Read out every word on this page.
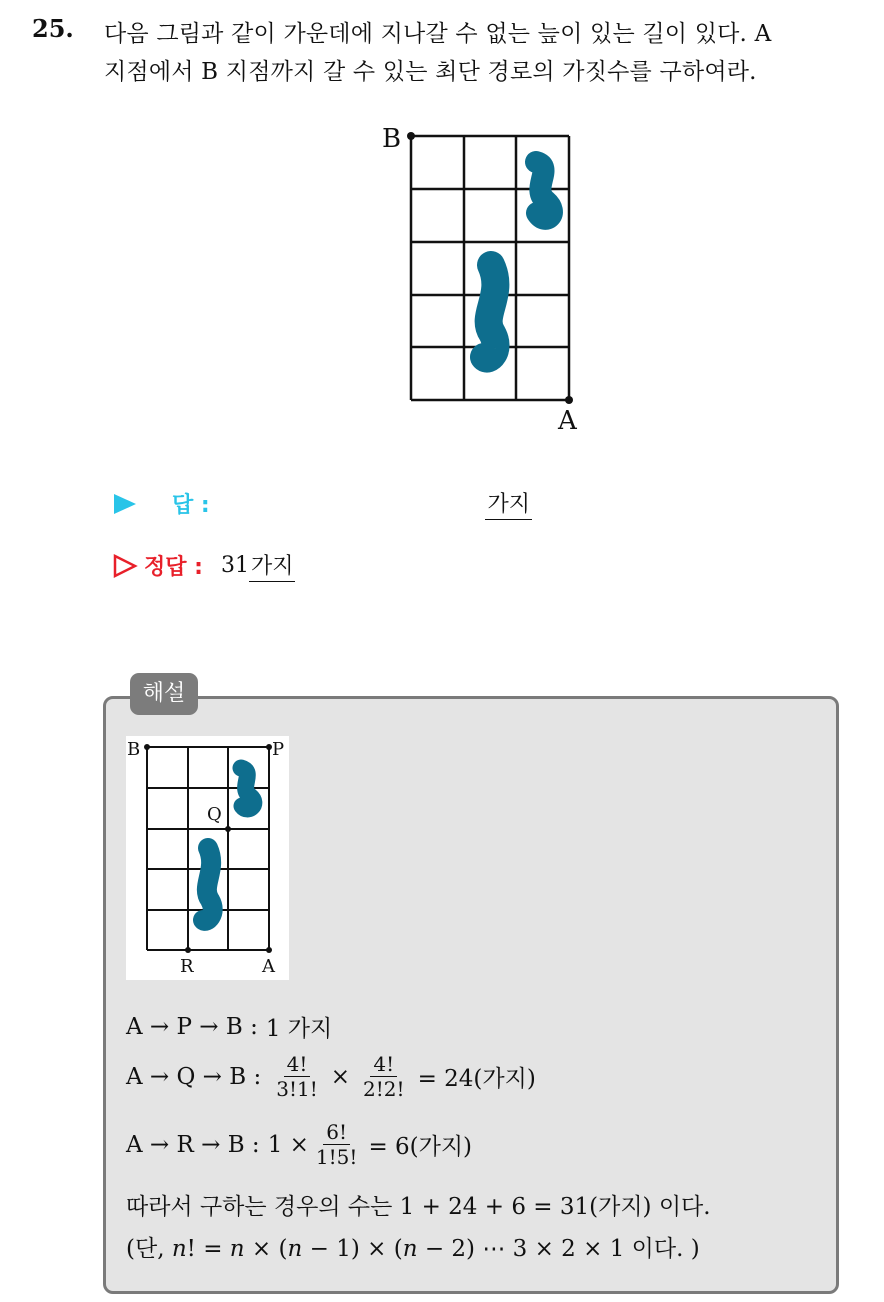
25. 다음 그림과 같이 가운데에 지나갈 수 없는 늪이 있는 길이 있다. A
지점에서 B 지점까지 갈 수 있는 최단 경로의 가짓수를 구하여라.
B
A
답 :	가지
정답 : 31 가지
해설
B	P
Q
R	A
A → P → B : 1 가지
A → Q → B : $\frac{4!}{3!1!} \times \frac{4!}{2!2!} = 24$(가지)
A → R → B : $1 \times \frac{6!}{1!5!} = 6$(가지)
따라서 구하는 경우의 수는 1 + 24 + 6 = 31(가지) 이다.
(단, n! = n × (n − 1) × (n − 2) ⋯ 3 × 2 × 1 이다. )
